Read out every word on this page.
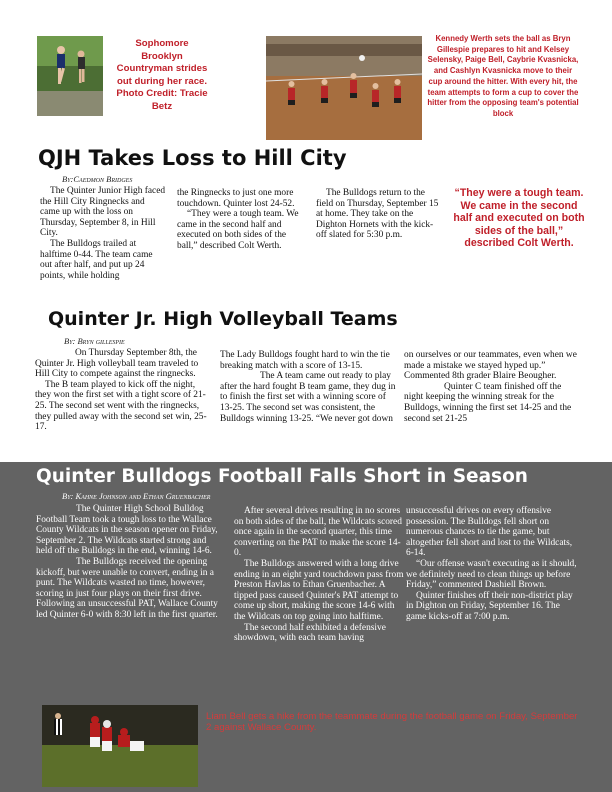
Sophomore Brooklyn Countryman strides out during her race. Photo Credit: Tracie Betz
Kennedy Werth sets the ball as Bryn Gillespie prepares to hit and Kelsey Selensky, Paige Bell, Caybrie Kvasnicka, and Cashlyn Kvasnicka move to their cup around the hitter. With every hit, the team attempts to form a cup to cover the hitter from the opposing team's potential block
QJH Takes Loss to Hill City
By:Caedmon Bridges

The Quinter Junior High faced the Hill City Ringnecks and came up with the loss on Thursday, September 8, in Hill City.

The Bulldogs trailed at halftime 0-44. The team came out after half, and put up 24 points, while holding

the Ringnecks to just one more touchdown. Quinter lost 24-52.

“They were a tough team. We came in the second half and executed on both sides of the ball,” described Colt Werth.

The Bulldogs return to the field on Thursday, September 15 at home. They take on the Dighton Hornets with the kick-off slated for 5:30 p.m.

“They were a tough team. We came in the second half and executed on both sides of the ball,” described Colt Werth.
Quinter Jr. High Volleyball Teams
By: Bryn gillespie

On Thursday September 8th, the Quinter Jr. High volleyball team traveled to Hill City to compete against the ringnecks.

The B team played to kick off the night, they won the first set with a tight score of 21-25. The second set went with the ringnecks, they pulled away with the second set win, 25-17.

The Lady Bulldogs fought hard to win the tie breaking match with a score of 13-15.

The A team came out ready to play after the hard fought B team game, they dug in to finish the first set with a winning score of 13-25. The second set was consistent, the Bulldogs winning 13-25. “We never got down

on ourselves or our teammates, even when we made a mistake we stayed hyped up.” Commented 8th grader Blaire Beougher.

Quinter C team finished off the night keeping the winning streak for the Bulldogs, winning the first set 14-25 and the second set 21-25

Quinter Bulldogs Football Falls Short in Season
By: Kahne Johnson and Ethan Gruenbacher

The Quinter High School Bulldog Football Team took a tough loss to the Wallace County Wildcats in the season opener on Friday, September 2. The Wildcats started strong and held off the Bulldogs in the end, winning 14-6.

The Bulldogs received the opening kickoff, but were unable to convert, ending in a punt. The Wildcats wasted no time, however, scoring in just four plays on their first drive. Following an unsuccessful PAT, Wallace County led Quinter 6-0 with 8:30 left in the first quarter.

After several drives resulting in no scores on both sides of the ball, the Wildcats scored once again in the second quarter, this time converting on the PAT to make the score 14-0.

The Bulldogs answered with a long drive ending in an eight yard touchdown pass from Preston Havlas to Ethan Gruenbacher. A tipped pass caused Quinter's PAT attempt to come up short, making the score 14-6 with the Wildcats on top going into halftime.

The second half exhibited a defensive showdown, with each team having

unsuccessful drives on every offensive possession. The Bulldogs fell short on numerous chances to tie the game, but altogether fell short and lost to the Wildcats, 6-14.

“Our offense wasn't executing as it should, we definitely need to clean things up before Friday,” commented Dashiell Brown.

Quinter finishes off their non-district play in Dighton on Friday, September 16. The game kicks-off at 7:00 p.m.

Liam Bell gets a hike from the teammate during the football game on Friday, September 2 against Wallace County.
